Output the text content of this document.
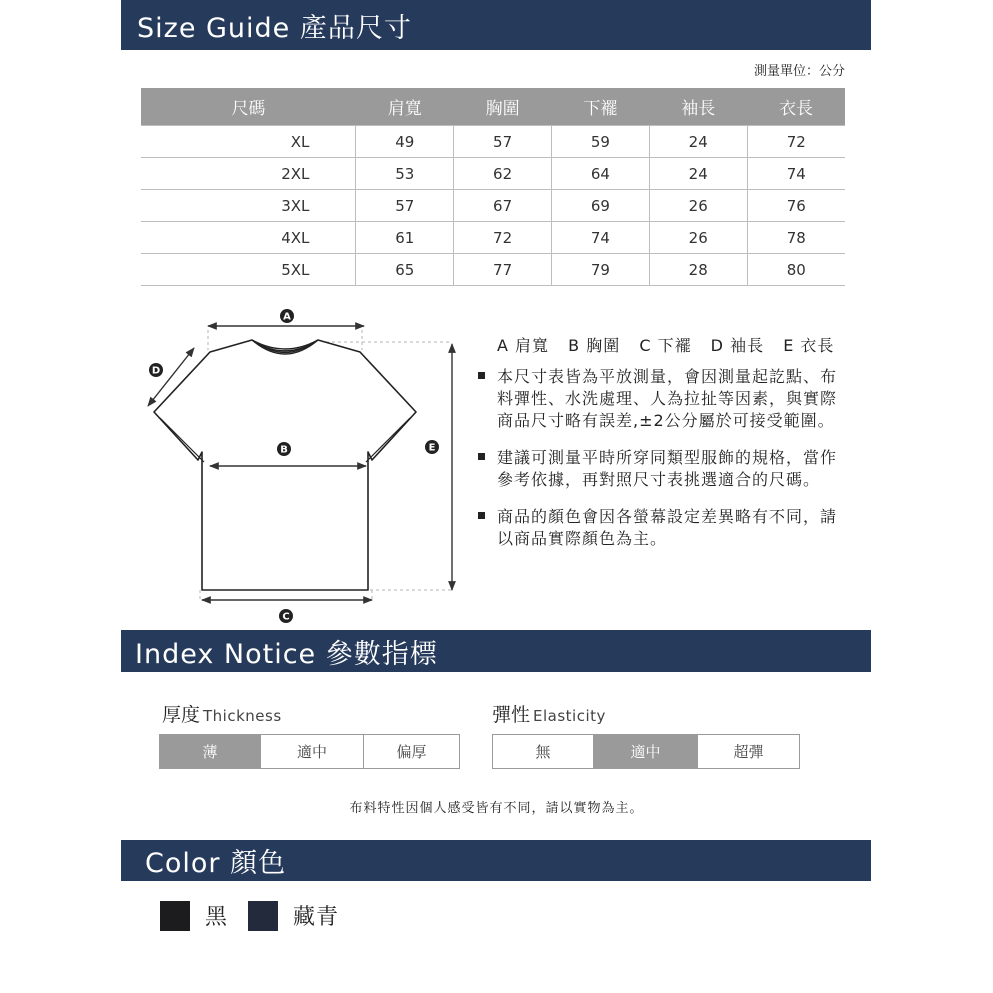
Size Guide 產品尺寸
測量單位：公分
尺碼	肩寬	胸圍	下襬	袖長	衣長
XL	49	57	59	24	72
2XL	53	62	64	24	74
3XL	57	67	69	26	76
4XL	61	72	74	26	78
5XL	65	77	79	28	80
A
D
B	E
C
A 肩寬 B 胸圍 C 下襬 D 袖長 E 衣長
本尺寸表皆為平放測量，會因測量起訖點、布料彈性、水洗處理、人為拉扯等因素，與實際商品尺寸略有誤差,±2公分屬於可接受範圍。
建議可測量平時所穿同類型服飾的規格，當作參考依據，再對照尺寸表挑選適合的尺碼。
商品的顏色會因各螢幕設定差異略有不同，請以商品實際顏色為主。
Index Notice 參數指標
厚度 Thickness
薄	適中	偏厚
彈性 Elasticity
無	適中	超彈
布料特性因個人感受皆有不同，請以實物為主。
Color 顏色
黑	藏青
